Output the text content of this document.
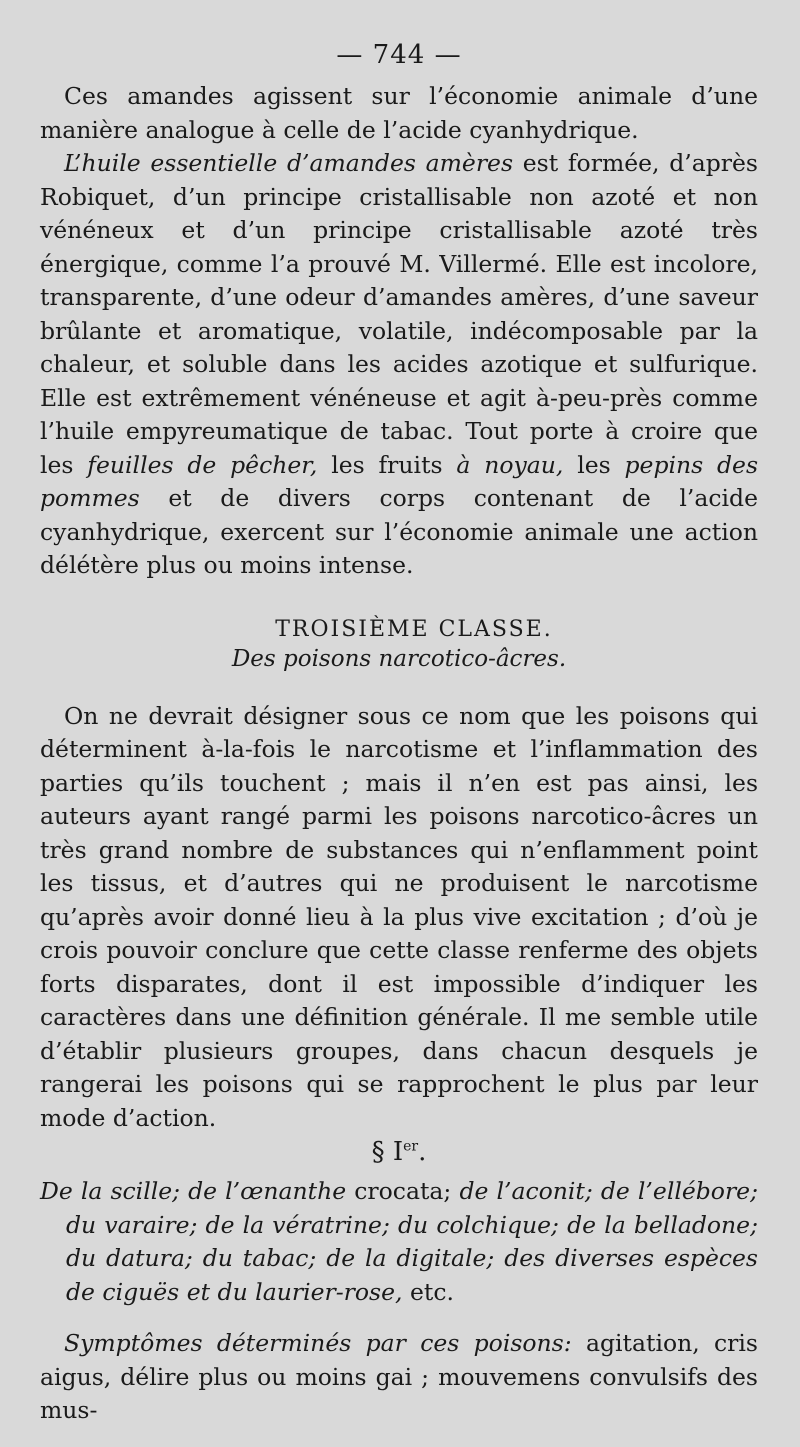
— 744 —

Ces amandes agissent sur l’économie animale d’une manière analogue à celle de l’acide cyanhydrique.

L’huile essentielle d’amandes amères est formée, d’après Robiquet, d’un principe cristallisable non azoté et non vénéneux et d’un principe cristallisable azoté très énergique, comme l’a prouvé M. Villermé. Elle est incolore, transparente, d’une odeur d’amandes amères, d’une saveur brûlante et aromatique, volatile, indécomposable par la chaleur, et soluble dans les acides azotique et sulfurique. Elle est extrêmement vénéneuse et agit à-peu-près comme l’huile empyreumatique de tabac. Tout porte à croire que les feuilles de pêcher, les fruits à noyau, les pepins des pommes et de divers corps contenant de l’acide cyanhydrique, exercent sur l’économie animale une action délétère plus ou moins intense.

TROISIÈME CLASSE.
Des poisons narcotico-âcres.

On ne devrait désigner sous ce nom que les poisons qui déterminent à-la-fois le narcotisme et l’inflammation des parties qu’ils touchent ; mais il n’en est pas ainsi, les auteurs ayant rangé parmi les poisons narcotico-âcres un très grand nombre de substances qui n’enflamment point les tissus, et d’autres qui ne produisent le narcotisme qu’après avoir donné lieu à la plus vive excitation ; d’où je crois pouvoir conclure que cette classe renferme des objets forts disparates, dont il est impossible d’indiquer les caractères dans une définition générale. Il me semble utile d’établir plusieurs groupes, dans chacun desquels je rangerai les poisons qui se rapprochent le plus par leur mode d’action.

§ Ier.

De la scille; de l’œnanthe crocata; de l’aconit; de l’ellébore; du varaire; de la vératrine; du colchique; de la belladone; du datura; du tabac; de la digitale; des diverses espèces de ciguës et du laurier-rose, etc.

Symptômes déterminés par ces poisons: agitation, cris aigus, délire plus ou moins gai ; mouvemens convulsifs des mus-
